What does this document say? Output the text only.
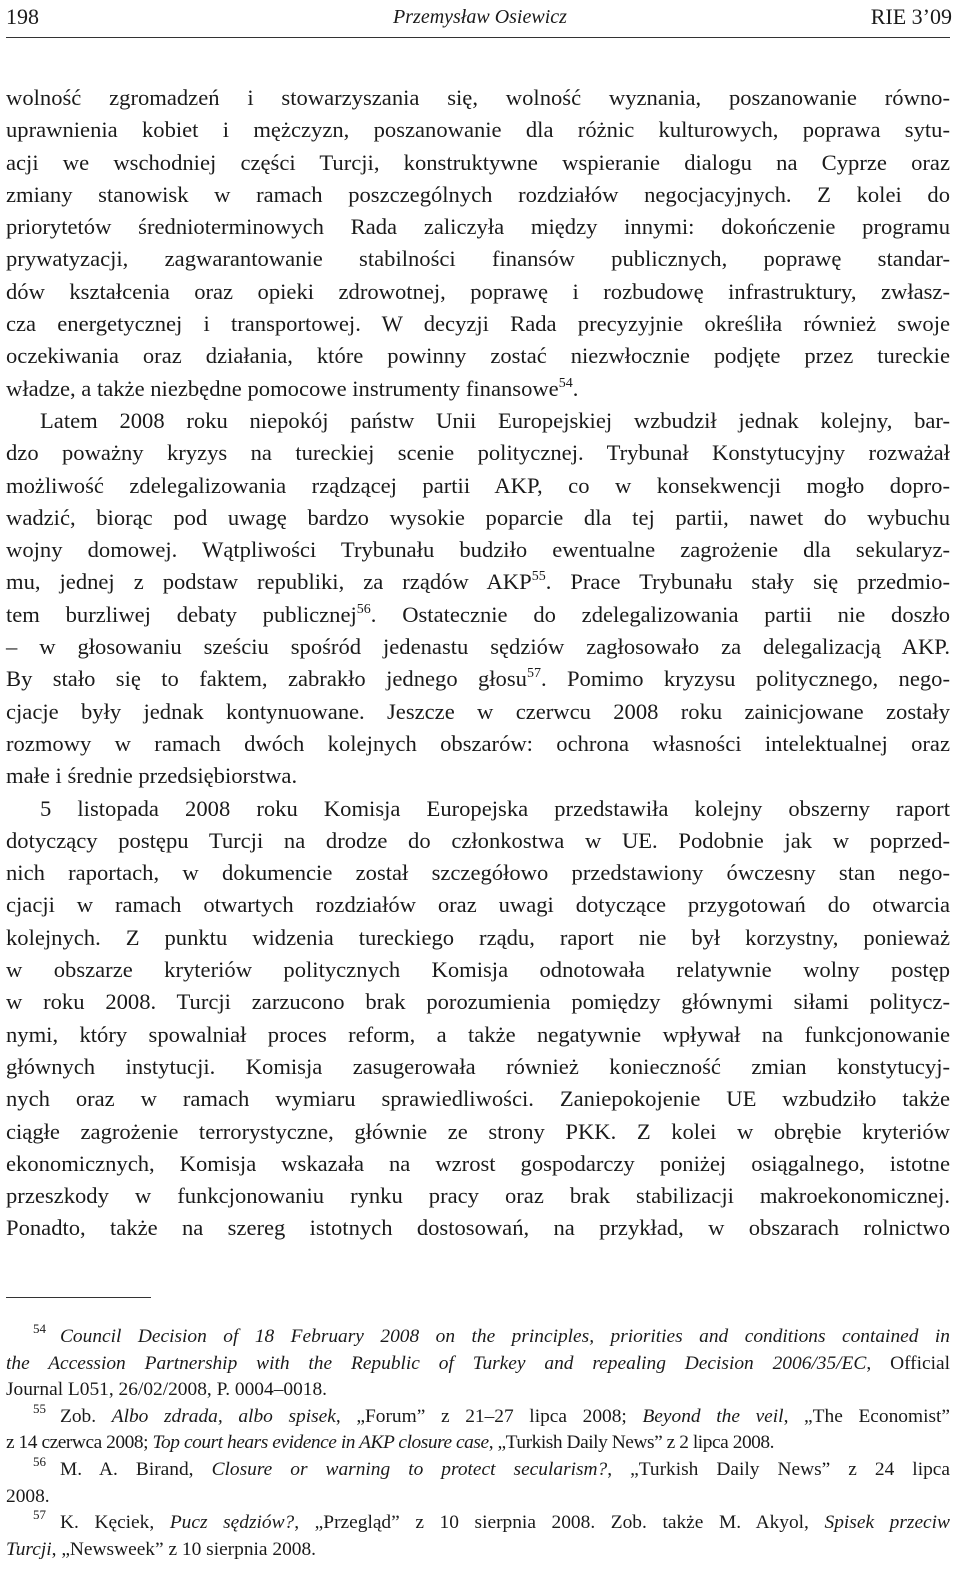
198	Przemysław Osiewicz	RIE 3’09
wolność zgromadzeń i stowarzyszania się, wolność wyznania, poszanowanie równo-
uprawnienia kobiet i mężczyzn, poszanowanie dla różnic kulturowych, poprawa sytu-
acji we wschodniej części Turcji, konstruktywne wspieranie dialogu na Cyprze oraz
zmiany stanowisk w ramach poszczególnych rozdziałów negocjacyjnych. Z kolei do
priorytetów średnioterminowych Rada zaliczyła między innymi: dokończenie programu
prywatyzacji, zagwarantowanie stabilności finansów publicznych, poprawę standar-
dów kształcenia oraz opieki zdrowotnej, poprawę i rozbudowę infrastruktury, zwłasz-
cza energetycznej i transportowej. W decyzji Rada precyzyjnie określiła również swoje
oczekiwania oraz działania, które powinny zostać niezwłocznie podjęte przez tureckie
władze, a także niezbędne pomocowe instrumenty finansowe$^{54}$.
Latem 2008 roku niepokój państw Unii Europejskiej wzbudził jednak kolejny, bar-
dzo poważny kryzys na tureckiej scenie politycznej. Trybunał Konstytucyjny rozważał
możliwość zdelegalizowania rządzącej partii AKP, co w konsekwencji mogło dopro-
wadzić, biorąc pod uwagę bardzo wysokie poparcie dla tej partii, nawet do wybuchu
wojny domowej. Wątpliwości Trybunału budziło ewentualne zagrożenie dla sekularyz-
mu, jednej z podstaw republiki, za rządów AKP$^{55}$. Prace Trybunału stały się przedmio-
tem burzliwej debaty publicznej$^{56}$. Ostatecznie do zdelegalizowania partii nie doszło
– w głosowaniu sześciu spośród jedenastu sędziów zagłosowało za delegalizacją AKP.
By stało się to faktem, zabrakło jednego głosu$^{57}$. Pomimo kryzysu politycznego, nego-
cjacje były jednak kontynuowane. Jeszcze w czerwcu 2008 roku zainicjowane zostały
rozmowy w ramach dwóch kolejnych obszarów: ochrona własności intelektualnej oraz
małe i średnie przedsiębiorstwa.
5 listopada 2008 roku Komisja Europejska przedstawiła kolejny obszerny raport
dotyczący postępu Turcji na drodze do członkostwa w UE. Podobnie jak w poprzed-
nich raportach, w dokumencie został szczegółowo przedstawiony ówczesny stan nego-
cjacji w ramach otwartych rozdziałów oraz uwagi dotyczące przygotowań do otwarcia
kolejnych. Z punktu widzenia tureckiego rządu, raport nie był korzystny, ponieważ
w obszarze kryteriów politycznych Komisja odnotowała relatywnie wolny postęp
w roku 2008. Turcji zarzucono brak porozumienia pomiędzy głównymi siłami politycz-
nymi, który spowalniał proces reform, a także negatywnie wpływał na funkcjonowanie
głównych instytucji. Komisja zasugerowała również konieczność zmian konstytucyj-
nych oraz w ramach wymiaru sprawiedliwości. Zaniepokojenie UE wzbudziło także
ciągłe zagrożenie terrorystyczne, głównie ze strony PKK. Z kolei w obrębie kryteriów
ekonomicznych, Komisja wskazała na wzrost gospodarczy poniżej osiągalnego, istotne
przeszkody w funkcjonowaniu rynku pracy oraz brak stabilizacji makroekonomicznej.
Ponadto, także na szereg istotnych dostosowań, na przykład, w obszarach rolnictwo
$^{54}$ Council Decision of 18 February 2008 on the principles, priorities and conditions contained in
the Accession Partnership with the Republic of Turkey and repealing Decision 2006/35/EC, Official
Journal L051, 26/02/2008, P. 0004–0018.
$^{55}$ Zob. Albo zdrada, albo spisek, „Forum” z 21–27 lipca 2008; Beyond the veil, „The Economist”
z 14 czerwca 2008; Top court hears evidence in AKP closure case, „Turkish Daily News” z 2 lipca 2008.
$^{56}$ M. A. Birand, Closure or warning to protect secularism?, „Turkish Daily News” z 24 lipca
2008.
$^{57}$ K. Kęciek, Pucz sędziów?, „Przegląd” z 10 sierpnia 2008. Zob. także M. Akyol, Spisek przeciw
Turcji, „Newsweek” z 10 sierpnia 2008.
